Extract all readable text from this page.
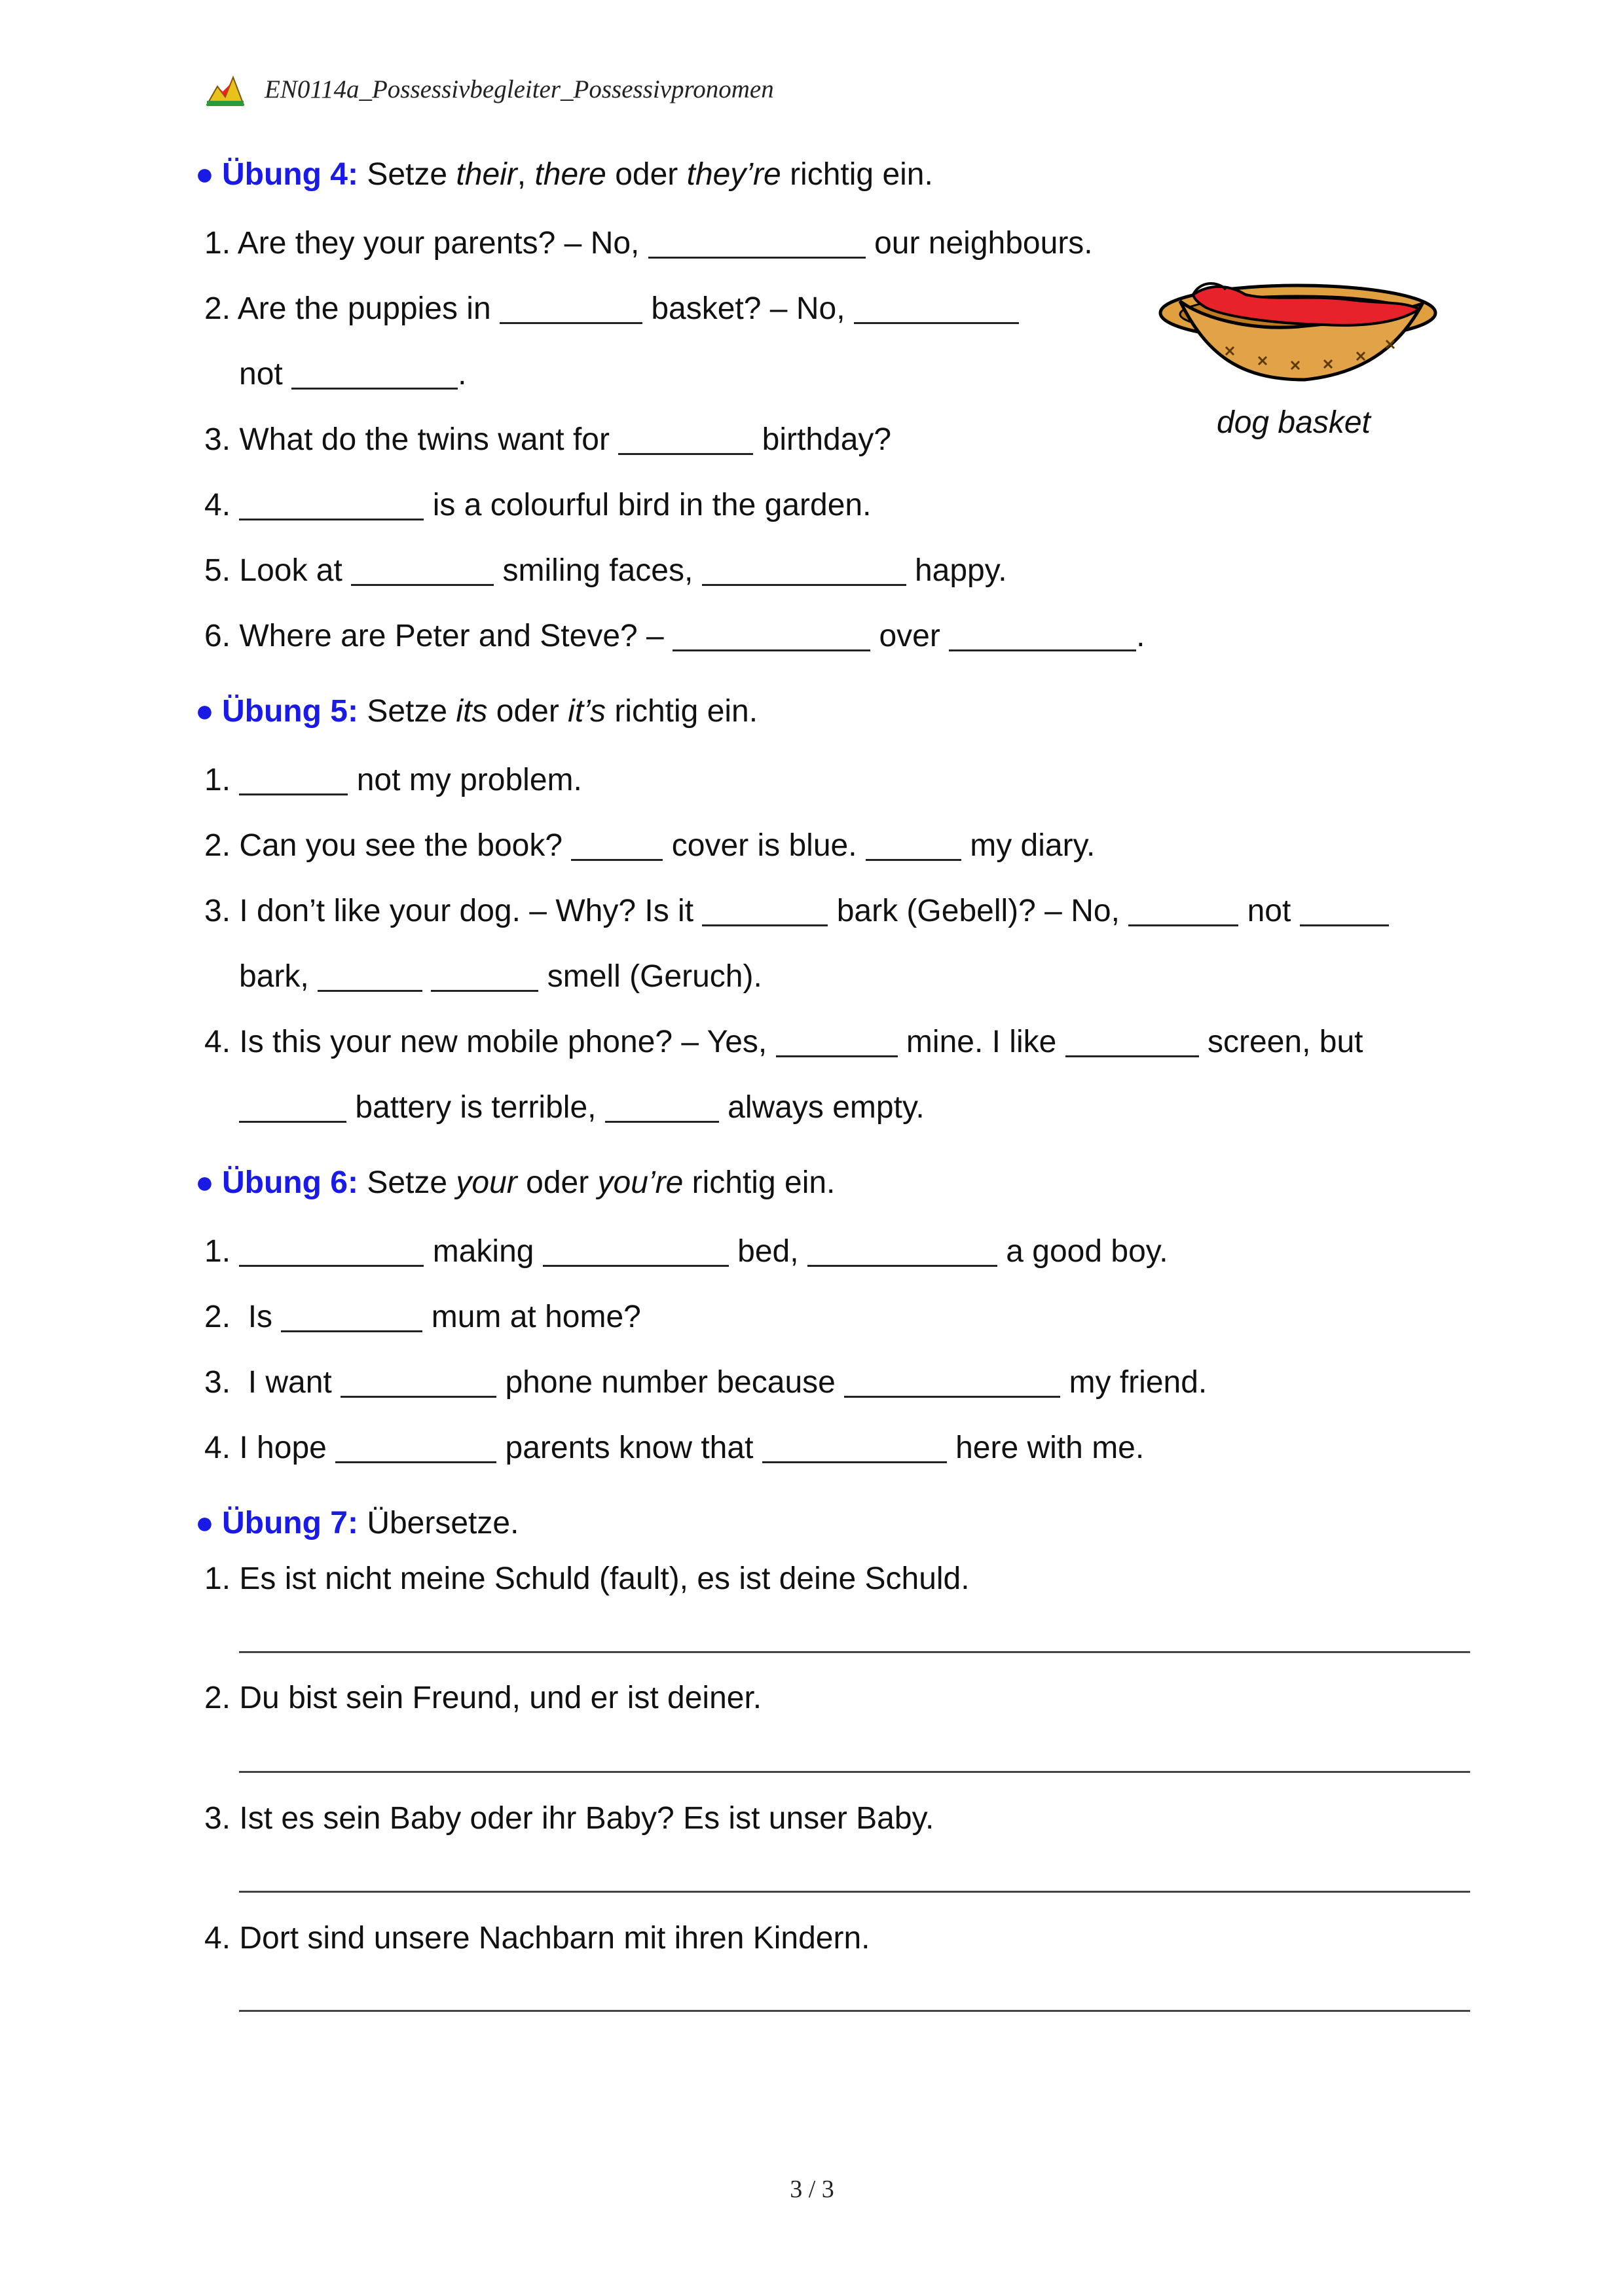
EN0114a_Possessivbegleiter_Possessivpronomen
● Übung 4: Setze their, there oder they’re richtig ein.
1. Are they your parents? – No,	our neighbours.
2. Are the puppies in	basket? – No,
not	.
3. What do the twins want for	birthday?
4.	is a colourful bird in the garden.
5. Look at	smiling faces,	happy.
6. Where are Peter and Steve? –	over	.
dog basket
● Übung 5: Setze its oder it’s richtig ein.
1.	not my problem.
2. Can you see the book?	cover is blue.	my diary.
3. I don’t like your dog. – Why? Is it	bark (Gebell)? – No,	not
bark,	smell (Geruch).
4. Is this your new mobile phone? – Yes,	mine. I like	screen, but
battery is terrible,	always empty.
● Übung 6: Setze your oder you’re richtig ein.
1.	making	bed,	a good boy.
2. Is	mum at home?
3. I want	phone number because	my friend.
4. I hope	parents know that	here with me.
● Übung 7: Übersetze.
1. Es ist nicht meine Schuld (fault), es ist deine Schuld.
2. Du bist sein Freund, und er ist deiner.
3. Ist es sein Baby oder ihr Baby? Es ist unser Baby.
4. Dort sind unsere Nachbarn mit ihren Kindern.
3 / 3
